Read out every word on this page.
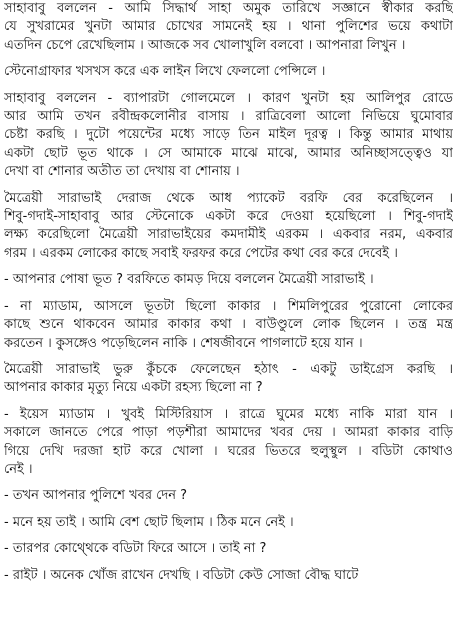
সাহাবাবু বললেন - আমি সিদ্ধার্থ সাহা অমুক তারিখে সজ্ঞানে স্বীকার করছি
যে সুখরামের খুনটা আমার চোখের সামনেই হয় । থানা পুলিশের ভয়ে কথাটা
এতদিন চেপে রেখেছিলাম । আজকে সব খোলাখুলি বলবো । আপনারা লিখুন ।
স্টেনোগ্রাফার খসখস করে এক লাইন লিখে ফেললো পেন্সিলে ।
সাহাবাবু বললেন - ব্যাপারটা গোলমেলে । কারণ খুনটা হয় আলিপুর রোডে
আর আমি তখন রবীন্দ্রকলোনীর বাসায় । রাত্রিবেলা আলো নিভিয়ে ঘুমোবার
চেষ্টা করছি । দুটো পয়েন্টের মধ্যে সাড়ে তিন মাইল দূরত্ব । কিন্তু আমার মাথায়
একটা ছোট ভূত থাকে । সে আমাকে মাঝে মাঝে, আমার অনিচ্ছাসত্ত্বেও যা
দেখা বা শোনার অতীত তা দেখায় বা শোনায় ।
মৈত্রেয়ী সারাভাই দেরাজ থেকে আধ প্যাকেট বরফি বের করেছিলেন ।
শিবু-গদাই-সাহাবাবু আর স্টেনোকে একটা করে দেওয়া হয়েছিলো । শিবু-গদাই
লক্ষ্য করেছিলো মৈত্রেয়ী সারাভাইয়ের কমদামীই এরকম । একবার নরম, একবার
গরম । এরকম লোকের কাছে সবাই ফরফর করে পেটের কথা বের করে দেবেই ।
- আপনার পোষা ভূত ? বরফিতে কামড় দিয়ে বললেন মৈত্রেয়ী সারাভাই ।
- না ম্যাডাম, আসলে ভূতটা ছিলো কাকার । শিমলিপুরের পুরোনো লোকের
কাছে শুনে থাকবেন আমার কাকার কথা । বাউণ্ডুলে লোক ছিলেন । তন্ত্র মন্ত্র
করতেন । কুসঙ্গেও পড়েছিলেন নাকি । শেষজীবনে পাগলাটে হয়ে যান ।
মৈত্রেয়ী সারাভাই ভুরু কুঁচকে ফেলেছেন হঠাৎ - একটু ডাইগ্রেস করছি ।
আপনার কাকার মৃত্যু নিয়ে একটা রহস্য ছিলো না ?
- ইয়েস ম্যাডাম । খুবই মিস্টিরিয়াস । রাত্রে ঘুমের মধ্যে নাকি মারা যান ।
সকালে জানতে পেরে পাড়া পড়শীরা আমাদের খবর দেয় । আমরা কাকার বাড়ি
গিয়ে দেখি দরজা হাট করে খোলা । ঘরের ভিতরে হুলুস্থুল । বডিটা কোথাও
নেই ।
- তখন আপনার পুলিশে খবর দেন ?
- মনে হয় তাই । আমি বেশ ছোট ছিলাম । ঠিক মনে নেই ।
- তারপর কোথ্থেকে বডিটা ফিরে আসে । তাই না ?
- রাইট । অনেক খোঁজ রাখেন দেখছি । বডিটা কেউ সোজা বৌদ্ধ ঘাটে
